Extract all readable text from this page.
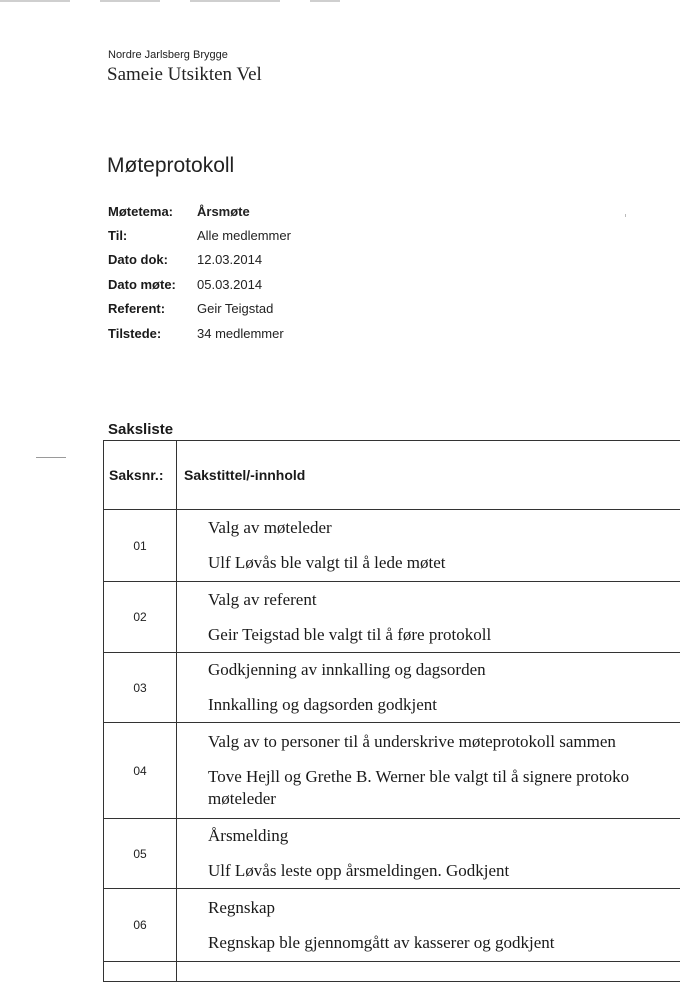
Nordre Jarlsberg Brygge
Sameie Utsikten Vel
Møteprotokoll
Møtetema:	Årsmøte
Til:	Alle medlemmer
Dato dok:	12.03.2014
Dato møte:	05.03.2014
Referent:	Geir Teigstad
Tilstede:	34 medlemmer
Saksliste
Saksnr.:	Sakstittel/-innhold
01	Valg av møteleder
Ulf Løvås ble valgt til å lede møtet

02	Valg av referent
Geir Teigstad ble valgt til å føre protokoll

03	Godkjenning av innkalling og dagsorden
Innkalling og dagsorden godkjent

04	Valg av to personer til å underskrive møteprotokoll sammen
Tove Hejll og Grethe B. Werner ble valgt til å signere protoko
møteleder

05	Årsmelding
Ulf Løvås leste opp årsmeldingen. Godkjent

06	Regnskap
Regnskap ble gjennomgått av kasserer og godkjent
